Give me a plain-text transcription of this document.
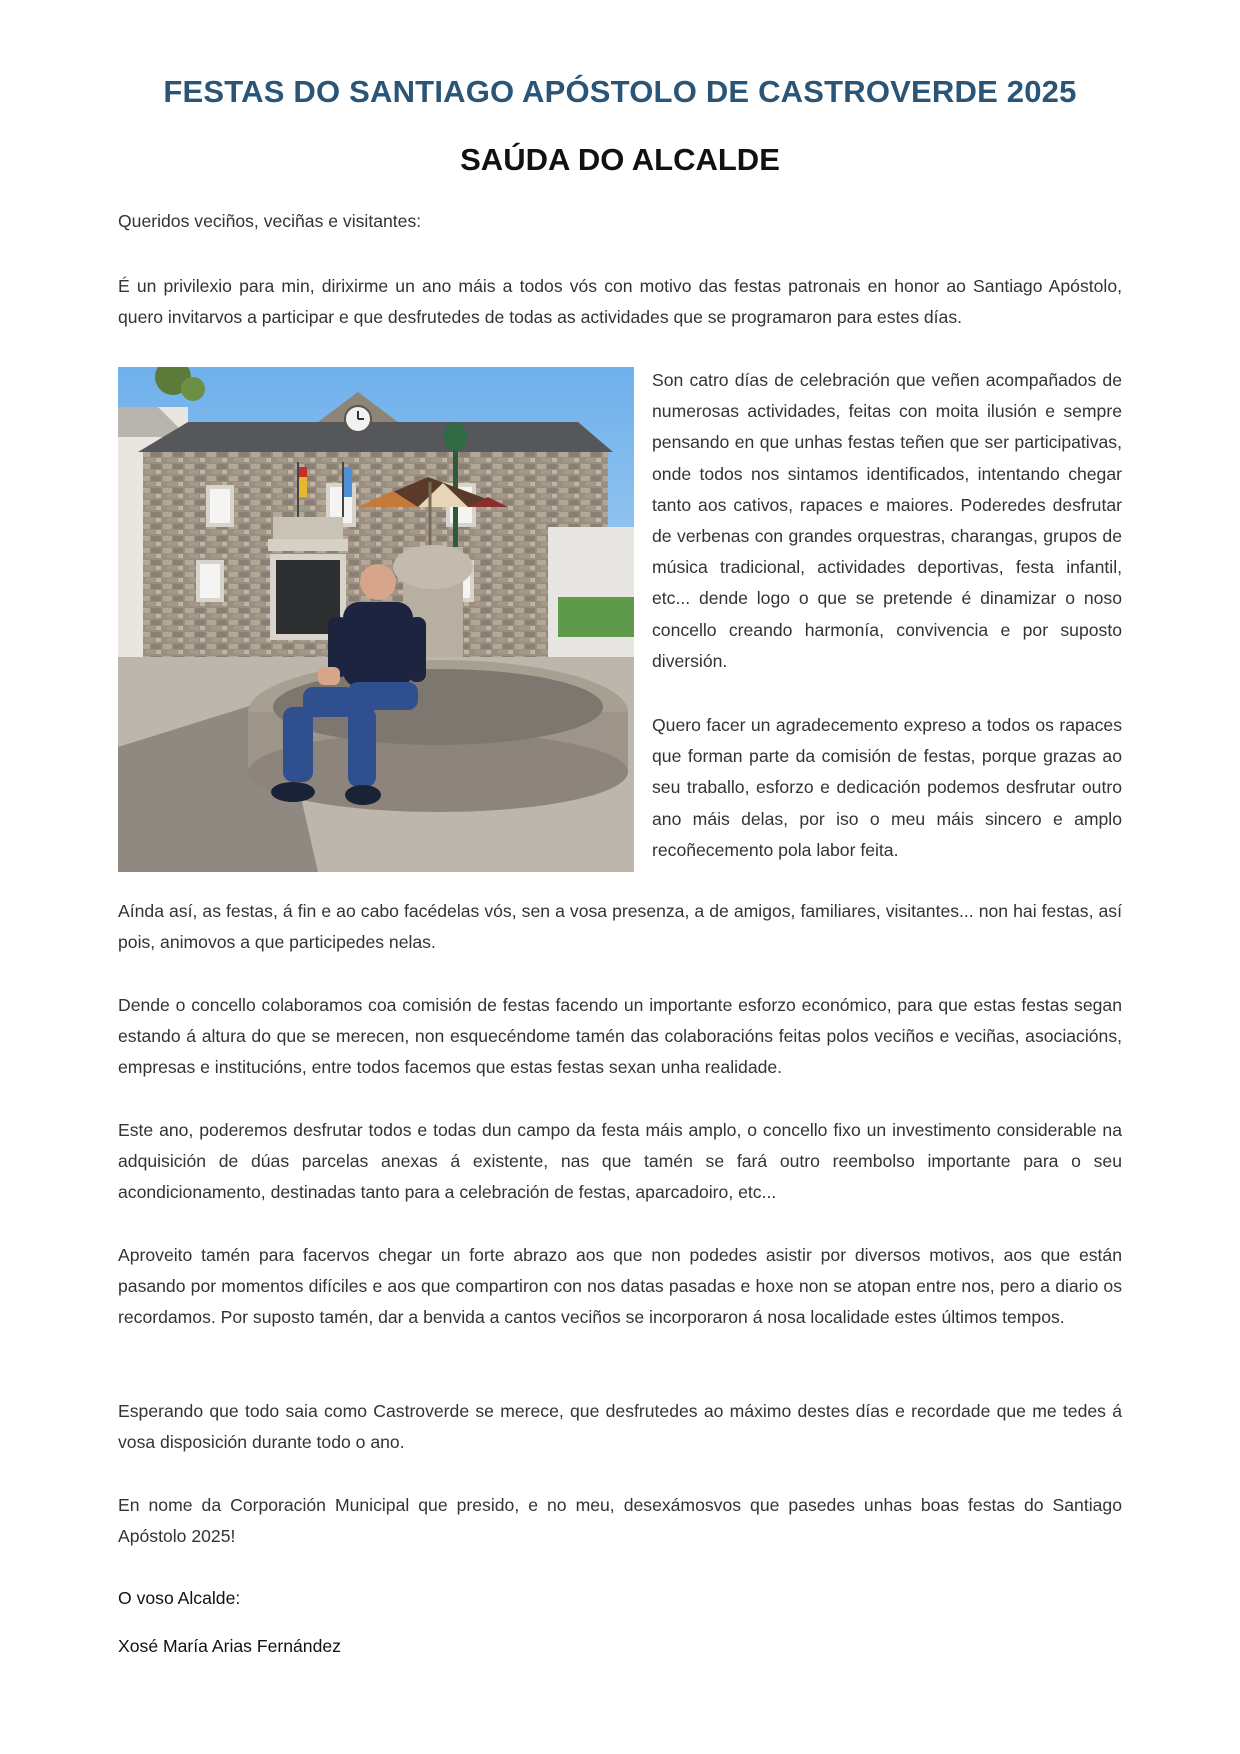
FESTAS DO SANTIAGO APÓSTOLO DE CASTROVERDE 2025
SAÚDA DO ALCALDE

Queridos veciños, veciñas e visitantes:

É un privilexio para min, dirixirme un ano máis a todos vós con motivo das festas patronais en honor ao Santiago Apóstolo, quero invitarvos a participar e que desfrutedes de todas as actividades que se programaron para estes días.

Son catro días de celebración que veñen acompañados de numerosas actividades, feitas con moita ilusión e sempre pensando en que unhas festas teñen que ser participativas, onde todos nos sintamos identificados, intentando chegar tanto aos cativos, rapaces e maiores. Poderedes desfrutar de verbenas con grandes orquestras, charangas, grupos de música tradicional, actividades deportivas, festa infantil, etc... dende logo o que se pretende é dinamizar o noso concello creando harmonía, convivencia e por suposto diversión.

Quero facer un agradecemento expreso a todos os rapaces que forman parte da comisión de festas, porque grazas ao seu traballo, esforzo e dedicación podemos desfrutar outro ano máis delas, por iso o meu máis sincero e amplo recoñecemento pola labor feita.

Aínda así, as festas, á fin e ao cabo facédelas vós, sen a vosa presenza, a de amigos, familiares, visitantes... non hai festas, así pois, animovos a que participedes nelas.

Dende o concello colaboramos coa comisión de festas facendo un importante esforzo económico, para que estas festas segan estando á altura do que se merecen, non esquecéndome tamén das colaboracións feitas polos veciños e veciñas, asociacións, empresas e institucións, entre todos facemos que estas festas sexan unha realidade.

Este ano, poderemos desfrutar todos e todas dun campo da festa máis amplo, o concello fixo un investimento considerable na adquisición de dúas parcelas anexas á existente, nas que tamén se fará outro reembolso importante para o seu acondicionamento, destinadas tanto para a celebración de festas, aparcadoiro, etc...

Aproveito tamén para facervos chegar un forte abrazo aos que non podedes asistir por diversos motivos, aos que están pasando por momentos difíciles e aos que compartiron con nos datas pasadas e hoxe non se atopan entre nos, pero a diario os recordamos. Por suposto tamén, dar a benvida a cantos veciños se incorporaron á nosa localidade estes últimos tempos.

Esperando que todo saia como Castroverde se merece, que desfrutedes ao máximo destes días e recordade que me tedes á vosa disposición durante todo o ano.

En nome da Corporación Municipal que presido, e no meu, desexámosvos que pasedes unhas boas festas do Santiago Apóstolo 2025!

O voso Alcalde:

Xosé María Arias Fernández
